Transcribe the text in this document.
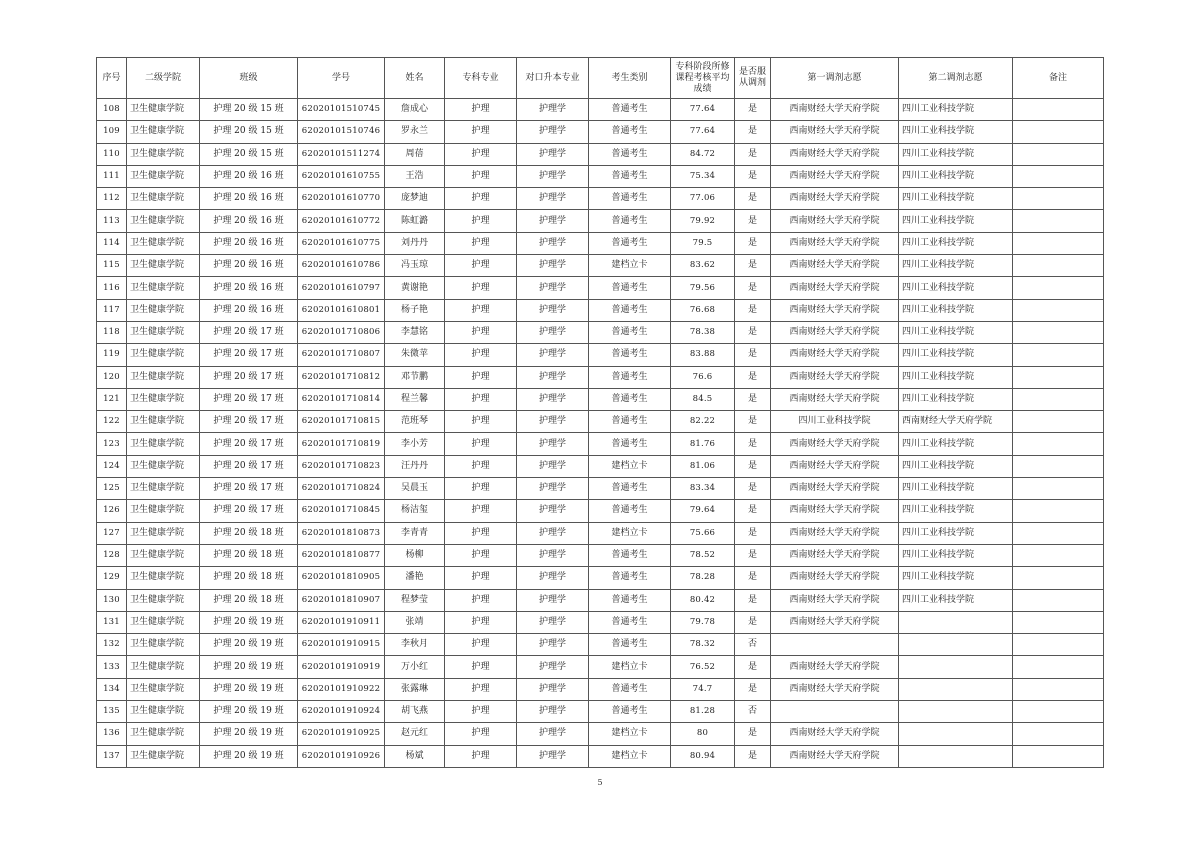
序号	二级学院	班级	学号	姓名	专科专业	对口升本专业	考生类别	专科阶段所修课程考核平均成绩	是否服从调剂	第一调剂志愿	第二调剂志愿	备注
108	卫生健康学院	护理 20 级 15 班	62020101510745	詹成心	护理	护理学	普通考生	77.64	是	西南财经大学天府学院	四川工业科技学院	
109	卫生健康学院	护理 20 级 15 班	62020101510746	罗永兰	护理	护理学	普通考生	77.64	是	西南财经大学天府学院	四川工业科技学院	
110	卫生健康学院	护理 20 级 15 班	62020101511274	周蓓	护理	护理学	普通考生	84.72	是	西南财经大学天府学院	四川工业科技学院	
111	卫生健康学院	护理 20 级 16 班	62020101610755	王浩	护理	护理学	普通考生	75.34	是	西南财经大学天府学院	四川工业科技学院	
112	卫生健康学院	护理 20 级 16 班	62020101610770	庞梦迪	护理	护理学	普通考生	77.06	是	西南财经大学天府学院	四川工业科技学院	
113	卫生健康学院	护理 20 级 16 班	62020101610772	陈虹潞	护理	护理学	普通考生	79.92	是	西南财经大学天府学院	四川工业科技学院	
114	卫生健康学院	护理 20 级 16 班	62020101610775	刘丹丹	护理	护理学	普通考生	79.5	是	西南财经大学天府学院	四川工业科技学院	
115	卫生健康学院	护理 20 级 16 班	62020101610786	冯玉琼	护理	护理学	建档立卡	83.62	是	西南财经大学天府学院	四川工业科技学院	
116	卫生健康学院	护理 20 级 16 班	62020101610797	黄谢艳	护理	护理学	普通考生	79.56	是	西南财经大学天府学院	四川工业科技学院	
117	卫生健康学院	护理 20 级 16 班	62020101610801	杨子艳	护理	护理学	普通考生	76.68	是	西南财经大学天府学院	四川工业科技学院	
118	卫生健康学院	护理 20 级 17 班	62020101710806	李慧铭	护理	护理学	普通考生	78.38	是	西南财经大学天府学院	四川工业科技学院	
119	卫生健康学院	护理 20 级 17 班	62020101710807	朱微苹	护理	护理学	普通考生	83.88	是	西南财经大学天府学院	四川工业科技学院	
120	卫生健康学院	护理 20 级 17 班	62020101710812	邓节鹏	护理	护理学	普通考生	76.6	是	西南财经大学天府学院	四川工业科技学院	
121	卫生健康学院	护理 20 级 17 班	62020101710814	程兰馨	护理	护理学	普通考生	84.5	是	西南财经大学天府学院	四川工业科技学院	
122	卫生健康学院	护理 20 级 17 班	62020101710815	范班琴	护理	护理学	普通考生	82.22	是	四川工业科技学院	西南财经大学天府学院	
123	卫生健康学院	护理 20 级 17 班	62020101710819	李小芳	护理	护理学	普通考生	81.76	是	西南财经大学天府学院	四川工业科技学院	
124	卫生健康学院	护理 20 级 17 班	62020101710823	汪丹丹	护理	护理学	建档立卡	81.06	是	西南财经大学天府学院	四川工业科技学院	
125	卫生健康学院	护理 20 级 17 班	62020101710824	吴晨玉	护理	护理学	普通考生	83.34	是	西南财经大学天府学院	四川工业科技学院	
126	卫生健康学院	护理 20 级 17 班	62020101710845	杨洁玺	护理	护理学	普通考生	79.64	是	西南财经大学天府学院	四川工业科技学院	
127	卫生健康学院	护理 20 级 18 班	62020101810873	李青青	护理	护理学	建档立卡	75.66	是	西南财经大学天府学院	四川工业科技学院	
128	卫生健康学院	护理 20 级 18 班	62020101810877	杨柳	护理	护理学	普通考生	78.52	是	西南财经大学天府学院	四川工业科技学院	
129	卫生健康学院	护理 20 级 18 班	62020101810905	潘艳	护理	护理学	普通考生	78.28	是	西南财经大学天府学院	四川工业科技学院	
130	卫生健康学院	护理 20 级 18 班	62020101810907	程梦莹	护理	护理学	普通考生	80.42	是	西南财经大学天府学院	四川工业科技学院	
131	卫生健康学院	护理 20 级 19 班	62020101910911	张靖	护理	护理学	普通考生	79.78	是	西南财经大学天府学院		
132	卫生健康学院	护理 20 级 19 班	62020101910915	李秋月	护理	护理学	普通考生	78.32	否			
133	卫生健康学院	护理 20 级 19 班	62020101910919	万小红	护理	护理学	建档立卡	76.52	是	西南财经大学天府学院		
134	卫生健康学院	护理 20 级 19 班	62020101910922	张露琳	护理	护理学	普通考生	74.7	是	西南财经大学天府学院		
135	卫生健康学院	护理 20 级 19 班	62020101910924	胡飞燕	护理	护理学	普通考生	81.28	否			
136	卫生健康学院	护理 20 级 19 班	62020101910925	赵元红	护理	护理学	建档立卡	80	是	西南财经大学天府学院		
137	卫生健康学院	护理 20 级 19 班	62020101910926	杨斌	护理	护理学	建档立卡	80.94	是	西南财经大学天府学院		
5
